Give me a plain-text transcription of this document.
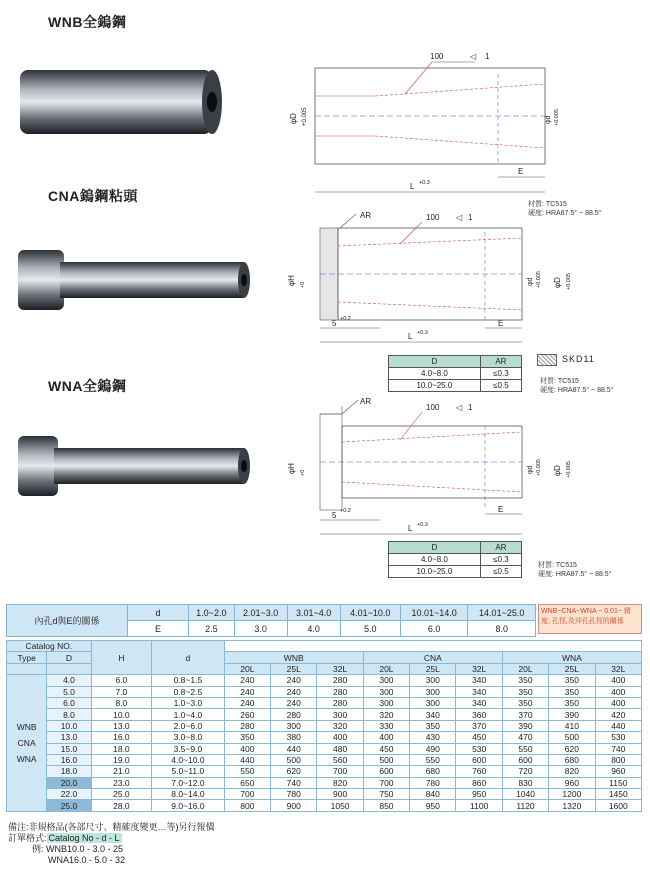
WNB全鎢鋼
CNA鎢鋼粘頭
WNA全鎢鋼
100	◁ 1
φD +0.005	φd +0.005
E
L +0.3
材質: TC515
硬度: HRA87.5° ~ 88.5°
AR	100 ◁ 1
φH +0	φd +0.005 φD +0.005
5 +0.2	E
L +0.3
D	AR
4.0~8.0	≤0.3
10.0~25.0	≤0.5
SKD11
材質: TC515
硬度: HRA87.5° ~ 88.5°
AR
100 ◁ 1
φH +0	φd +0.005 φD +0.005
5 +0.2	E
L +0.3
D	AR
4.0~8.0	≤0.3
10.0~25.0	≤0.5
材質: TC515
硬度: HRA87.5° ~ 88.5°
內孔d與E的關係	d	1.0~2.0	2.01~3.0	3.01~4.0	4.01~10.0	10.01~14.0	14.01~25.0
	E	2.5	3.0	4.0	5.0	6.0	8.0
WNB~CNA~WNA ~ 0.01~ 精度, 孔徑,及沖孔孔徑的關係
Catalog NO.		H	d									
Type	D			WNB			CNA			WNA		
				20L	25L	32L	20L	25L	32L	20L	25L	32L

WNB
CNA
WNA	4.0	6.0	0.8~1.5	240	240	280	300	300	340	350	350	400
	5.0	7.0	0.8~2.5	240	240	280	300	300	340	350	350	400
	6.0	8.0	1.0~3.0	240	240	280	300	300	340	350	350	400
	8.0	10.0	1.0~4.0	260	280	300	320	340	360	370	390	420
	10.0	13.0	2.0~6.0	280	300	320	330	350	370	390	410	440
	13.0	16.0	3.0~8.0	350	380	400	400	430	450	470	500	530
	15.0	18.0	3.5~9.0	400	440	480	450	490	530	550	620	740
	16.0	19.0	4.0~10.0	440	500	560	500	550	600	600	680	800
	18.0	21.0	5.0~11.0	550	620	700	600	680	760	720	820	960
	20.0	23.0	7.0~12.0	650	740	820	700	780	860	830	960	1150
	22.0	25.0	8.0~14.0	700	780	900	750	840	950	1040	1200	1450
	25.0	28.0	9.0~16.0	800	900	1050	850	950	1100	1120	1320	1600
備注:非規格品(各部尺寸、精確度變更…等)另行報價
訂單格式: Catalog No - d - L
例: WNB10.0 - 3.0 - 25
WNA16.0 - 5.0 - 32
